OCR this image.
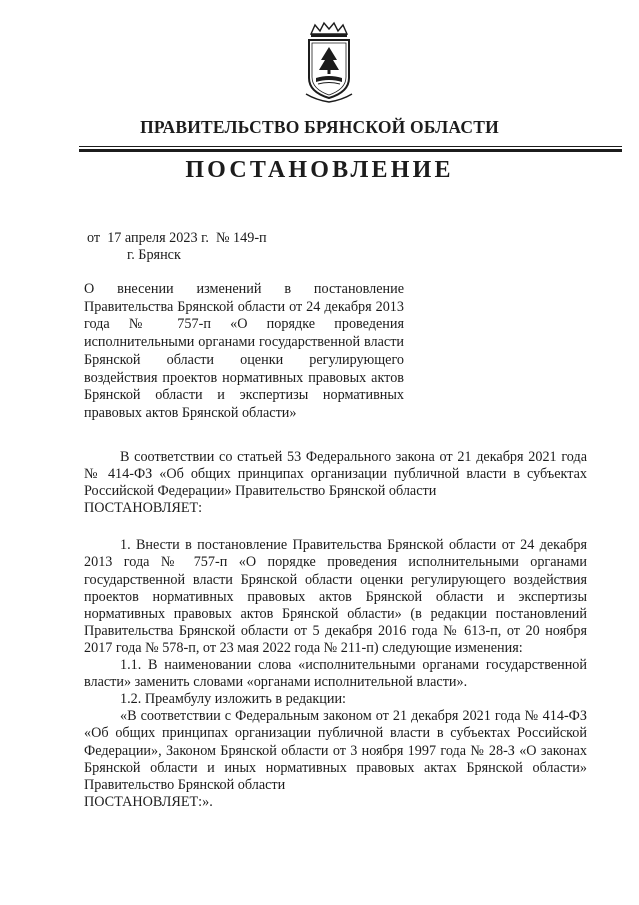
ПРАВИТЕЛЬСТВО БРЯНСКОЙ ОБЛАСТИ
ПОСТАНОВЛЕНИЕ
от  17 апреля 2023 г.  № 149-п
г. Брянск
О внесении изменений в постановление Правительства Брянской области от 24 декабря 2013 года № 757-п «О порядке проведения исполнительными органами государственной власти Брянской области оценки регулирующего воздействия проектов нормативных правовых актов Брянской области и экспертизы нормативных правовых актов Брянской области»

В соответствии со статьей 53 Федерального закона от 21 декабря 2021 года № 414-ФЗ «Об общих принципах организации публичной власти в субъектах Российской Федерации» Правительство Брянской области

ПОСТАНОВЛЯЕТ:

1. Внести в постановление Правительства Брянской области от 24 декабря 2013 года № 757-п «О порядке проведения исполнительными органами государственной власти Брянской области оценки регулирующего воздействия проектов нормативных правовых актов Брянской области и экспертизы нормативных правовых актов Брянской области» (в редакции постановлений Правительства Брянской области от 5 декабря 2016 года № 613-п, от 20 ноября 2017 года № 578-п, от 23 мая 2022 года № 211-п) следующие изменения:

1.1. В наименовании слова «исполнительными органами государственной власти» заменить словами «органами исполнительной власти».

1.2. Преамбулу изложить в редакции:

«В соответствии с Федеральным законом от 21 декабря 2021 года № 414-ФЗ «Об общих принципах организации публичной власти в субъектах Российской Федерации», Законом Брянской области от 3 ноября 1997 года № 28-З «О законах Брянской области и иных нормативных правовых актах Брянской области» Правительство Брянской области

ПОСТАНОВЛЯЕТ:».
